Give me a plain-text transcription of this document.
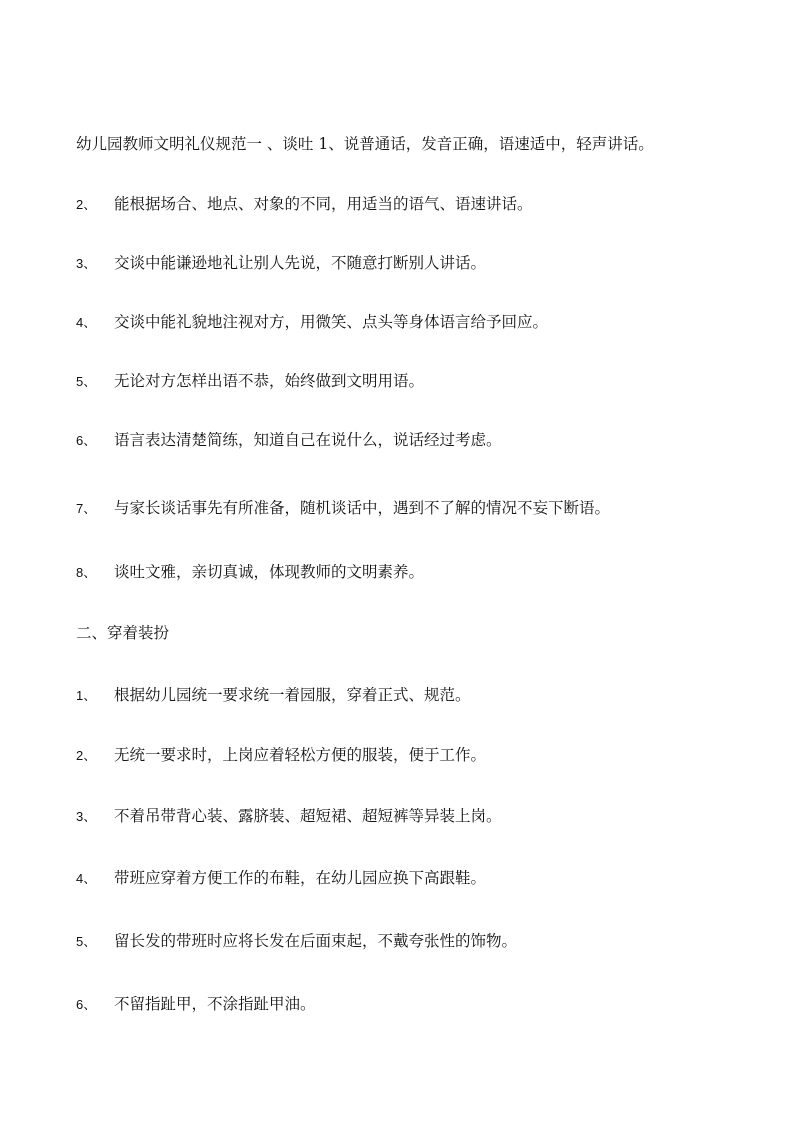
幼儿园教师文明礼仪规范一 、谈吐 1、说普通话，发音正确，语速适中，轻声讲话。
2、 能根据场合、地点、对象的不同，用适当的语气、语速讲话。
3、 交谈中能谦逊地礼让别人先说，不随意打断别人讲话。
4、 交谈中能礼貌地注视对方，用微笑、点头等身体语言给予回应。
5、 无论对方怎样出语不恭，始终做到文明用语。
6、 语言表达清楚简练，知道自己在说什么，说话经过考虑。
7、 与家长谈话事先有所准备，随机谈话中，遇到不了解的情况不妄下断语。
8、 谈吐文雅，亲切真诚，体现教师的文明素养。
二、穿着装扮
1、 根据幼儿园统一要求统一着园服，穿着正式、规范。
2、 无统一要求时，上岗应着轻松方便的服装，便于工作。
3、 不着吊带背心装、露脐装、超短裙、超短裤等异装上岗。
4、 带班应穿着方便工作的布鞋，在幼儿园应换下高跟鞋。
5、 留长发的带班时应将长发在后面束起，不戴夸张性的饰物。
6、 不留指趾甲，不涂指趾甲油。
